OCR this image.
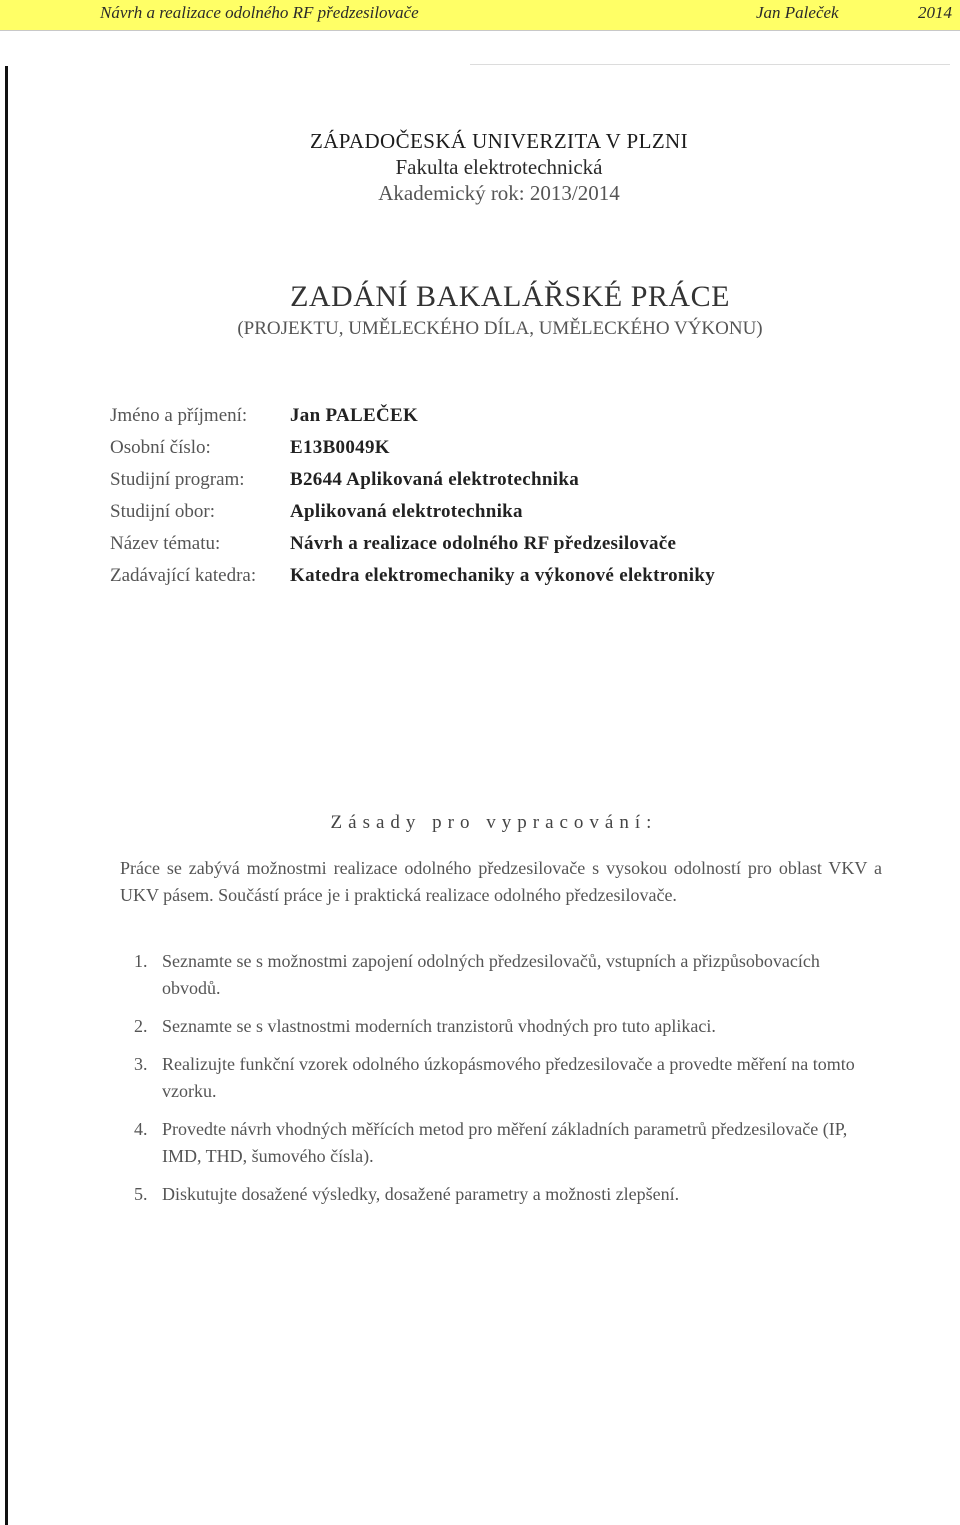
Návrh a realizace odolného RF předzesilovače	Jan Paleček	2014
ZÁPADOČESKÁ UNIVERZITA V PLZNI
Fakulta elektrotechnická
Akademický rok: 2013/2014
ZADÁNÍ BAKALÁŘSKÉ PRÁCE
(PROJEKTU, UMĚLECKÉHO DÍLA, UMĚLECKÉHO VÝKONU)
Jméno a příjmení:	Jan PALEČEK
Osobní číslo:	E13B0049K
Studijní program:	B2644 Aplikovaná elektrotechnika
Studijní obor:	Aplikovaná elektrotechnika
Název tématu:	Návrh a realizace odolného RF předzesilovače
Zadávající katedra:	Katedra elektromechaniky a výkonové elektroniky
Zásady pro vypracování:
Práce se zabývá možnostmi realizace odolného předzesilovače s vysokou odolností pro oblast VKV a UKV pásem. Součástí práce je i praktická realizace odolného předzesilovače.
1. Seznamte se s možnostmi zapojení odolných předzesilovačů, vstupních a přizpůsobovacích obvodů.
2. Seznamte se s vlastnostmi moderních tranzistorů vhodných pro tuto aplikaci.
3. Realizujte funkční vzorek odolného úzkopásmového předzesilovače a provedte měření na tomto vzorku.
4. Provedte návrh vhodných měřících metod pro měření základních parametrů předzesilovače (IP, IMD, THD, šumového čísla).
5. Diskutujte dosažené výsledky, dosažené parametry a možnosti zlepšení.
